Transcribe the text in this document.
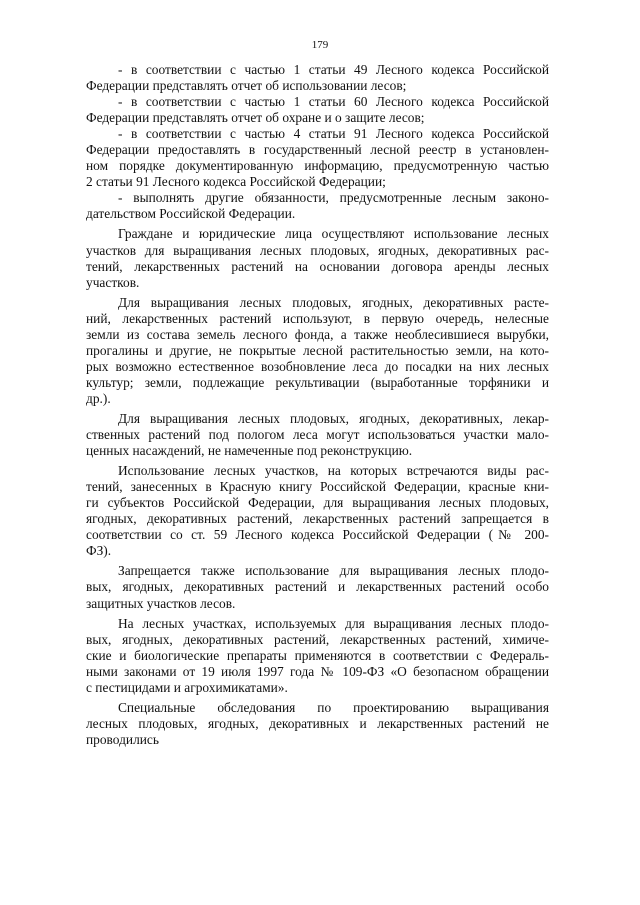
179
- в соответствии с частью 1 статьи 49 Лесного кодекса Российской
Федерации представлять отчет об использовании лесов;
- в соответствии с частью 1 статьи 60 Лесного кодекса Российской
Федерации представлять отчет об охране и о защите лесов;
- в соответствии с частью 4 статьи 91 Лесного кодекса Российской
Федерации предоставлять в государственный лесной реестр в установлен-
ном порядке документированную информацию, предусмотренную частью
2 статьи 91 Лесного кодекса Российской Федерации;
- выполнять другие обязанности, предусмотренные лесным законо-
дательством Российской Федерации.
Граждане и юридические лица осуществляют использование лесных
участков для выращивания лесных плодовых, ягодных, декоративных рас-
тений, лекарственных растений на основании договора аренды лесных
участков.
Для выращивания лесных плодовых, ягодных, декоративных расте-
ний, лекарственных растений используют, в первую очередь, нелесные
земли из состава земель лесного фонда, а также необлесившиеся вырубки,
прогалины и другие, не покрытые лесной растительностью земли, на кото-
рых возможно естественное возобновление леса до посадки на них лесных
культур; земли, подлежащие рекультивации (выработанные торфяники и
др.).
Для выращивания лесных плодовых, ягодных, декоративных, лекар-
ственных растений под пологом леса могут использоваться участки мало-
ценных насаждений, не намеченные под реконструкцию.
Использование лесных участков, на которых встречаются виды рас-
тений, занесенных в Красную книгу Российской Федерации, красные кни-
ги субъектов Российской Федерации, для выращивания лесных плодовых,
ягодных, декоративных растений, лекарственных растений запрещается в
соответствии со ст. 59 Лесного кодекса Российской Федерации (№ 200-
ФЗ).
Запрещается также использование для выращивания лесных плодо-
вых, ягодных, декоративных растений и лекарственных растений особо
защитных участков лесов.
На лесных участках, используемых для выращивания лесных плодо-
вых, ягодных, декоративных растений, лекарственных растений, химиче-
ские и биологические препараты применяются в соответствии с Федераль-
ными законами от 19 июля 1997 года № 109-ФЗ «О безопасном обращении
с пестицидами и агрохимикатами».
Специальные обследования по проектированию выращивания
лесных плодовых, ягодных, декоративных и лекарственных растений не
проводились
